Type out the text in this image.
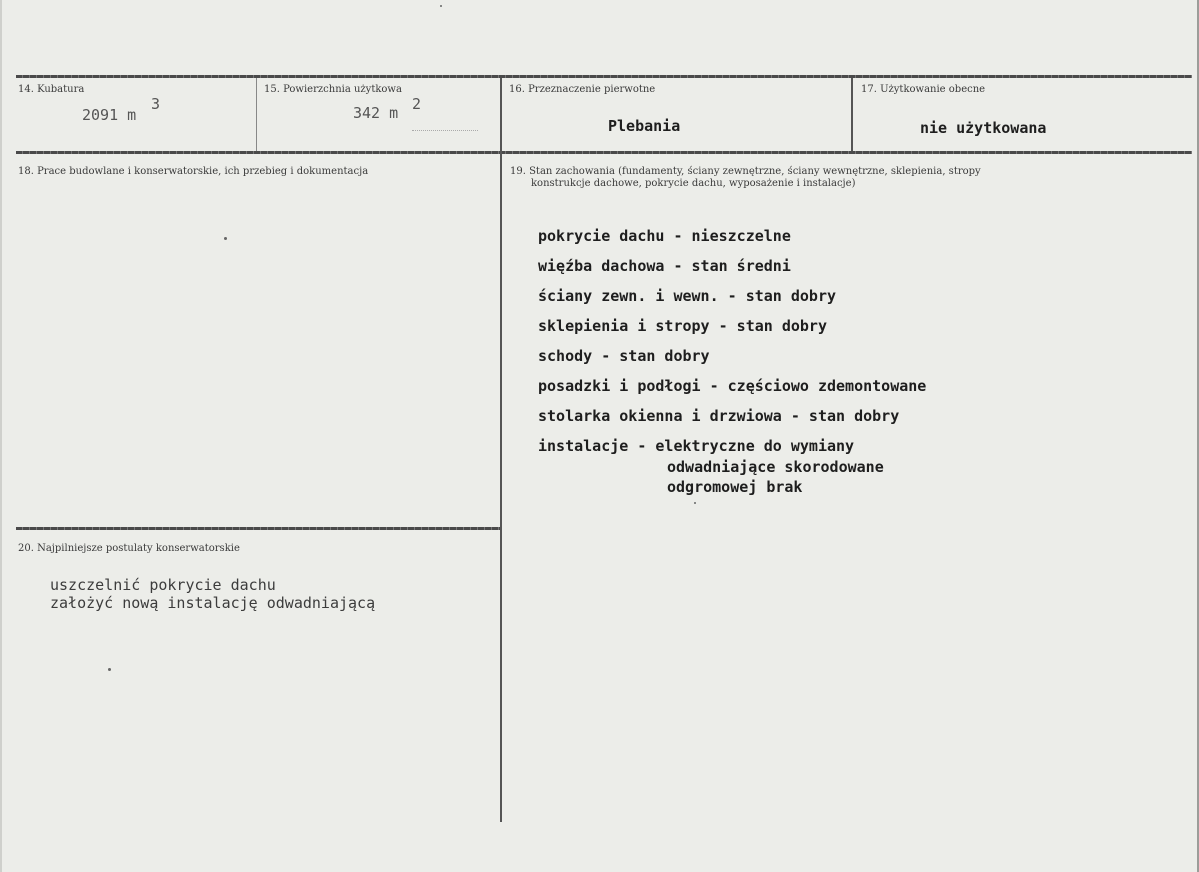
14. Kubatura
2091 m
3
15. Powierzchnia użytkowa
342 m 2
16. Przeznaczenie pierwotne
Plebania
17. Użytkowanie obecne
nie użytkowana
18. Prace budowlane i konserwatorskie, ich przebieg i dokumentacja	19. Stan zachowania (fundamenty, ściany zewnętrzne, ściany wewnętrzne, sklepienia, stropy
konstrukcje dachowe, pokrycie dachu, wyposażenie i instalacje)
pokrycie dachu - nieszczelne
więźba dachowa - stan średni
ściany zewn. i wewn. - stan dobry
sklepienia i stropy - stan dobry
schody - stan dobry
posadzki i podłogi - częściowo zdemontowane
stolarka okienna i drzwiowa - stan dobry
instalacje - elektryczne do wymiany
odwadniające skorodowane
odgromowej brak
20. Najpilniejsze postulaty konserwatorskie
uszczelnić pokrycie dachu
założyć nową instalację odwadniającą
